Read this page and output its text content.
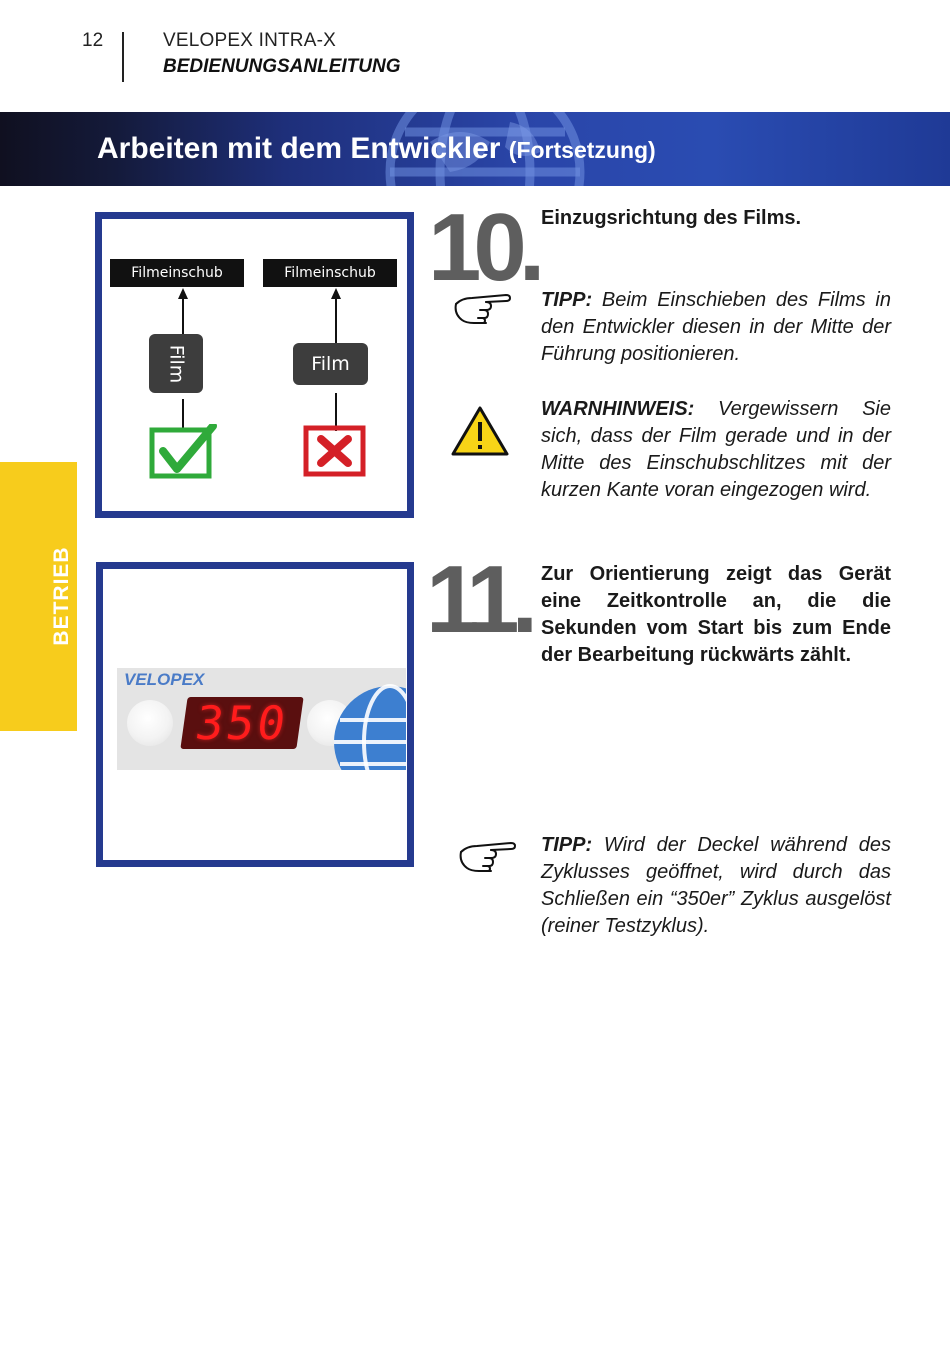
12	VELOPEX INTRA-X
BEDIENUNGSANLEITUNG
Arbeiten mit dem Entwickler (Fortsetzung)
BETRIEB
Filmeinschub	Filmeinschub
Film	Film
VELOPEX
350
10. Einzugsrichtung des Films.
TIPP: Beim Einschieben des Films in den Entwickler diesen in der Mitte der Führung positionieren.
WARNHINWEIS: Vergewissern Sie sich, dass der Film gerade und in der Mitte des Einschubschlitzes mit der kurzen Kante voran eingezogen wird.
11. Zur Orientierung zeigt das Gerät eine Zeitkontrolle an, die die Sekunden vom Start bis zum Ende der Bearbeitung rückwärts zählt.
TIPP: Wird der Deckel während des Zyklusses geöffnet, wird durch das Schließen ein “350er” Zyklus ausgelöst (reiner Testzyklus).
